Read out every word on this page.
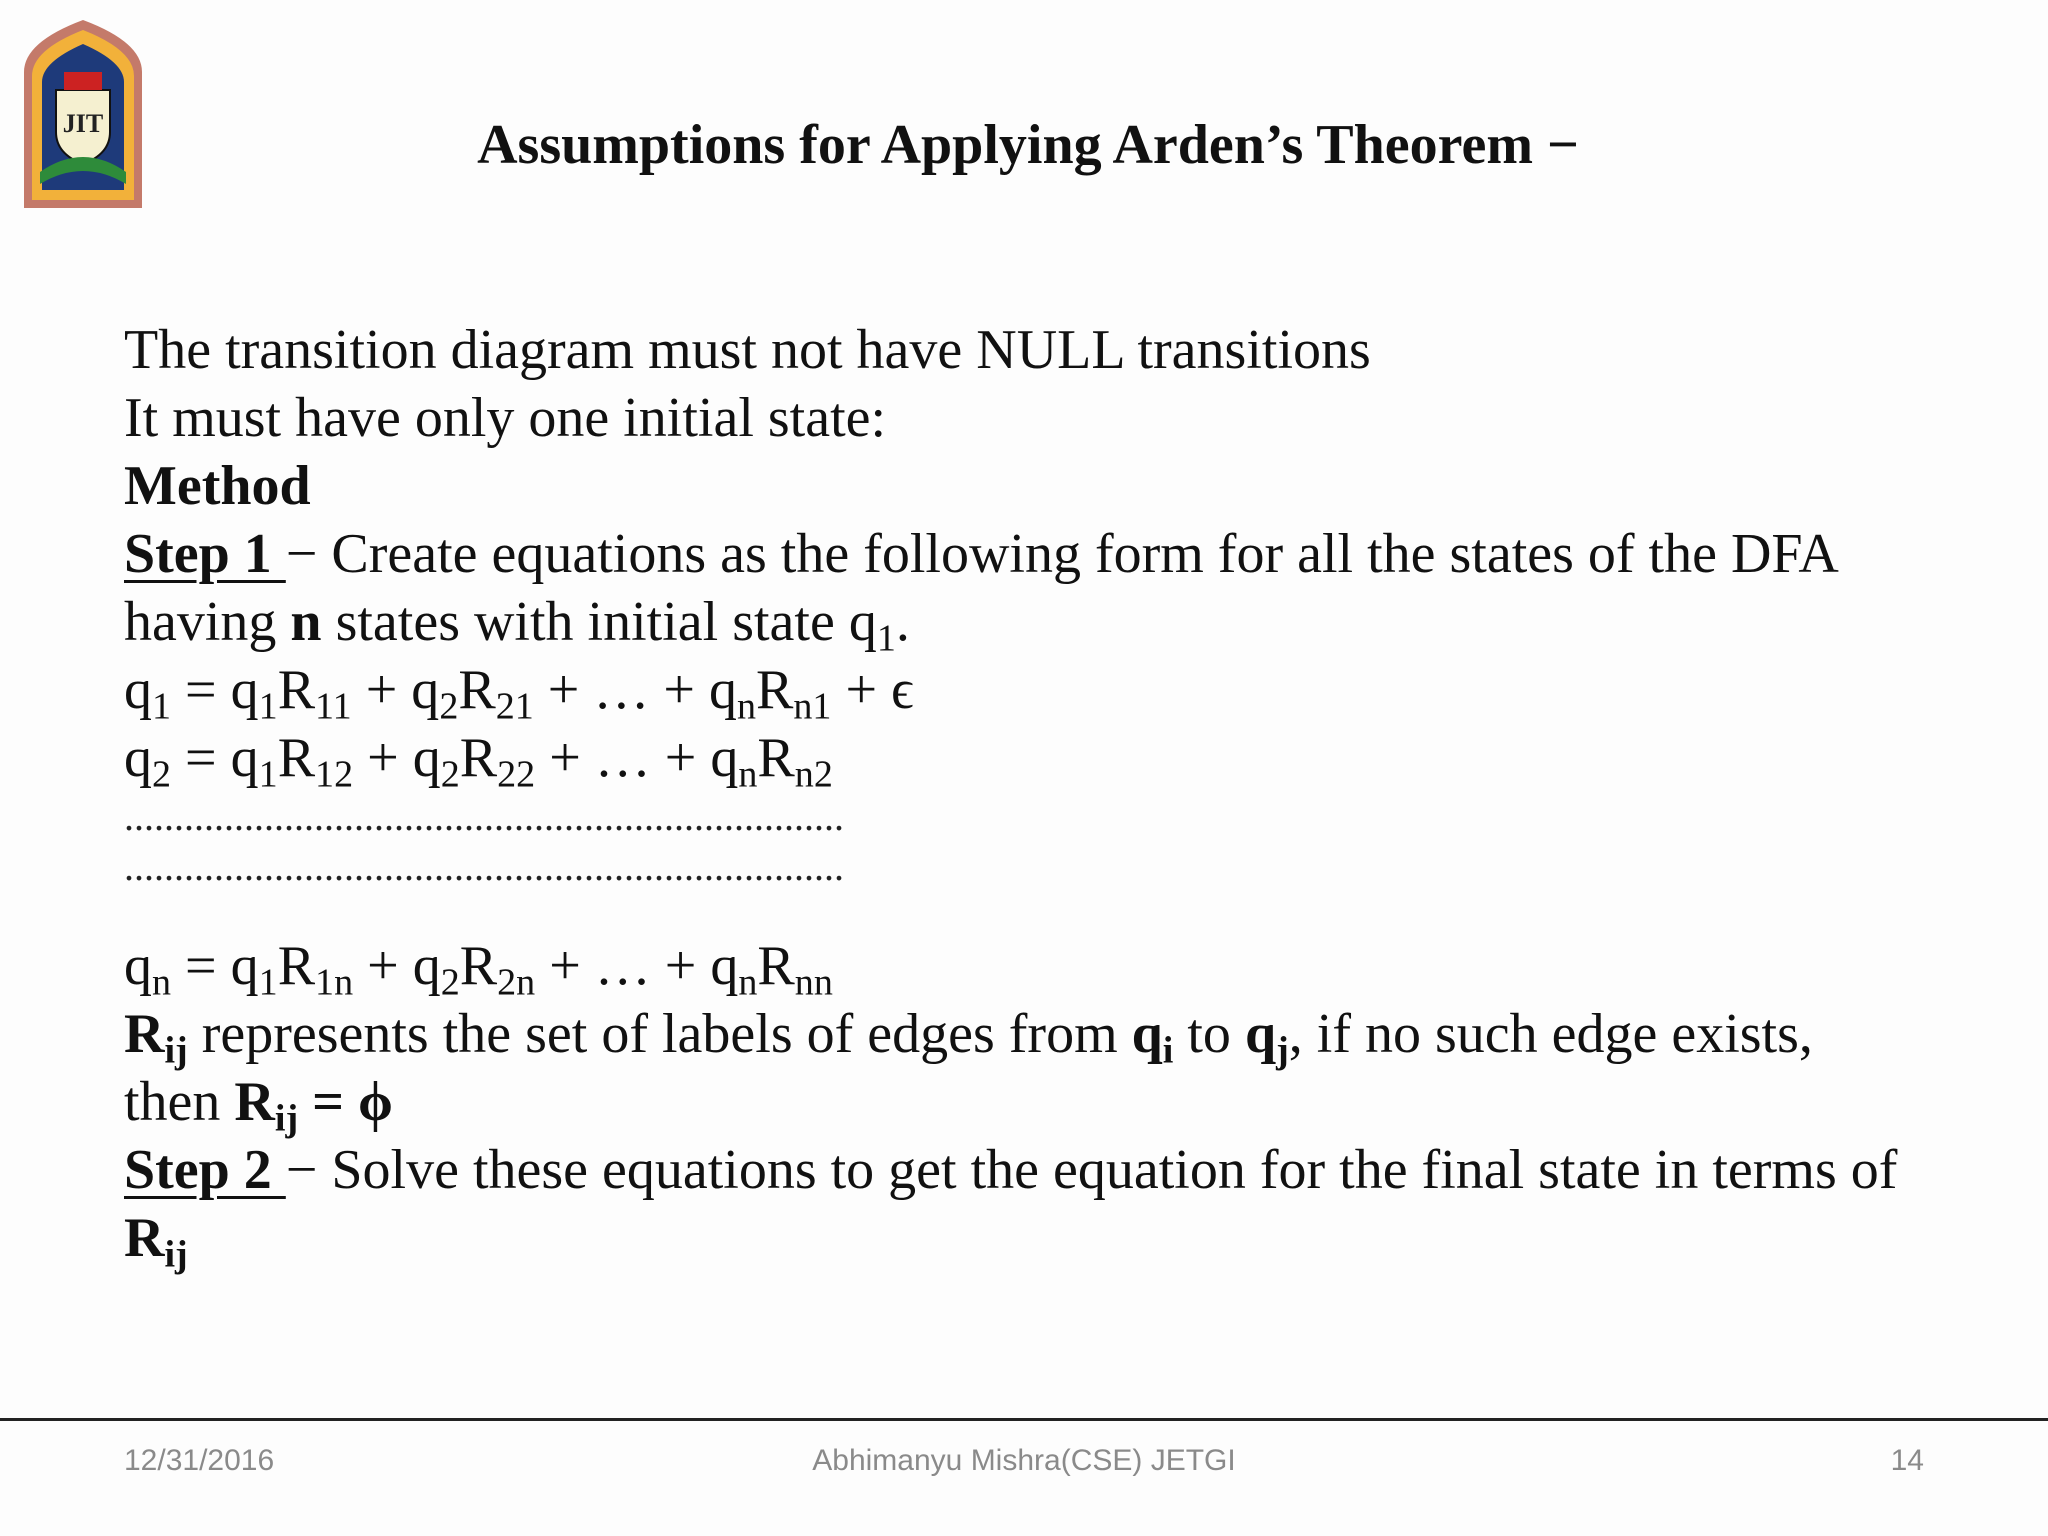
JIT	Assumptions for Applying Arden’s Theorem −
The transition diagram must not have NULL transitions
It must have only one initial state:
Method
Step 1 − Create equations as the following form for all the states of the DFA
having n states with initial state $q_1$.
$q_1 = q_1R_{11} + q_2R_{21}$ + … + $q_nR_{n1} + \epsilon$
$q_2 = q_1R_{12} + q_2R_{22}$ + … + $q_nR_{n2}$
........................................................................
........................................................................
$q_n = q_1R_{1n} + q_2R_{2n}$ + … + $q_nR_{nn}$
$R_{ij}$ represents the set of labels of edges from $q_i$ to $q_j$, if no such edge exists,
then $R_{ij} = \phi$
Step 2 − Solve these equations to get the equation for the final state in terms of
$R_{ij}$
12/31/2016	Abhimanyu Mishra(CSE) JETGI	14
